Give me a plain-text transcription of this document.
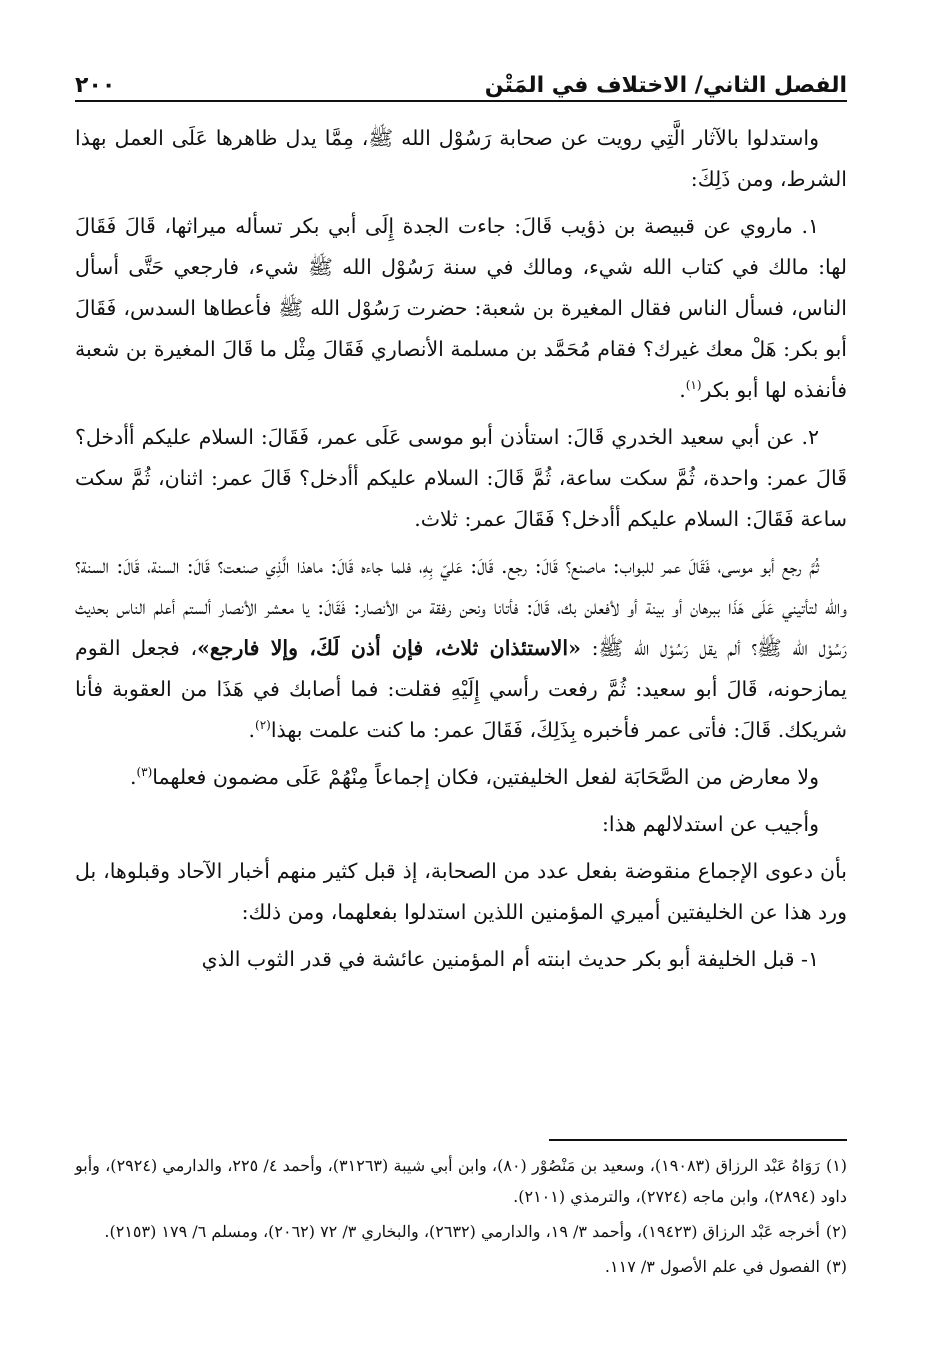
الفصل الثاني/ الاختلاف في المَتْن
٢٠٠

واستدلوا بالآثار الَّتِي رويت عن صحابة رَسُوْل الله ﷺ، مِمَّا يدل ظاهرها عَلَى العمل بهذا الشرط، ومن ذَلِكَ:

١. ماروي عن قبيصة بن ذؤيب قَالَ: جاءت الجدة إِلَى أبي بكر تسأله ميراثها، قَالَ فَقَالَ لها: مالك في كتاب الله شيء، ومالك في سنة رَسُوْل الله ﷺ شيء، فارجعي حَتَّى أسأل الناس، فسأل الناس فقال المغيرة بن شعبة: حضرت رَسُوْل الله ﷺ فأعطاها السدس، فَقَالَ أبو بكر: هَلْ معك غيرك؟ فقام مُحَمَّد بن مسلمة الأنصاري فَقَالَ مِثْل ما قَالَ المغيرة بن شعبة فأنفذه لها أبو بكر$^{(١)}$.

٢. عن أبي سعيد الخدري قَالَ: استأذن أبو موسى عَلَى عمر، فَقَالَ: السلام عليكم أأدخل؟ قَالَ عمر: واحدة، ثُمَّ سكت ساعة، ثُمَّ قَالَ: السلام عليكم أأدخل؟ قَالَ عمر: اثنان، ثُمَّ سكت ساعة فَقَالَ: السلام عليكم أأدخل؟ فَقَالَ عمر: ثلاث.

ثُمَّ رجع أبو موسى، فَقَالَ عمر للبواب: ماصنع؟ قَالَ: رجع. قَالَ: عَليّ بِهِ، فلما جاءه قَالَ: ماهذا الَّذِي صنعت؟ قَالَ: السنة، قَالَ: السنة؟ والله لتأتيني عَلَى هَذَا ببرهان أو بينة أو لأفعلن بك، قَالَ: فأتانا ونحن رفقة من الأنصار: فَقَالَ: يا معشر الأنصار ألستم أعلم الناس بحديث رَسُوْل الله ﷺ؟ ألم يقل رَسُوْل الله ﷺ: «الاستئذان ثلاث، فإن أذن لَكَ، وإلا فارجع»، فجعل القوم يمازحونه، قَالَ أبو سعيد: ثُمَّ رفعت رأسي إِلَيْهِ فقلت: فما أصابك في هَذَا من العقوبة فأنا شريكك. قَالَ: فأتى عمر فأخبره بِذَلِكَ، فَقَالَ عمر: ما كنت علمت بهذا$^{(٢)}$.

ولا معارض من الصَّحَابَة لفعل الخليفتين، فكان إجماعاً مِنْهُمْ عَلَى مضمون فعلهما$^{(٣)}$.

وأجيب عن استدلالهم هذا:

بأن دعوى الإجماع منقوضة بفعل عدد من الصحابة، إذ قبل كثير منهم أخبار الآحاد وقبلوها، بل ورد هذا عن الخليفتين أميري المؤمنين اللذين استدلوا بفعلهما، ومن ذلك:

١- قبل الخليفة أبو بكر حديث ابنته أم المؤمنين عائشة في قدر الثوب الذي

(١)رَوَاهُ عَبْد الرزاق (١٩٠٨٣)، وسعيد بن مَنْصُوْر (٨٠)، وابن أبي شيبة (٣١٢٦٣)، وأحمد ٤/ ٢٢٥، والدارمي (٢٩٢٤)، وأبو داود (٢٨٩٤)، وابن ماجه (٢٧٢٤)، والترمذي (٢١٠١).

(٢)أخرجه عَبْد الرزاق (١٩٤٢٣)، وأحمد ٣/ ١٩، والدارمي (٢٦٣٢)، والبخاري ٣/ ٧٢ (٢٠٦٢)، ومسلم ٦/ ١٧٩ (٢١٥٣).

(٣)الفصول في علم الأصول ٣/ ١١٧.
